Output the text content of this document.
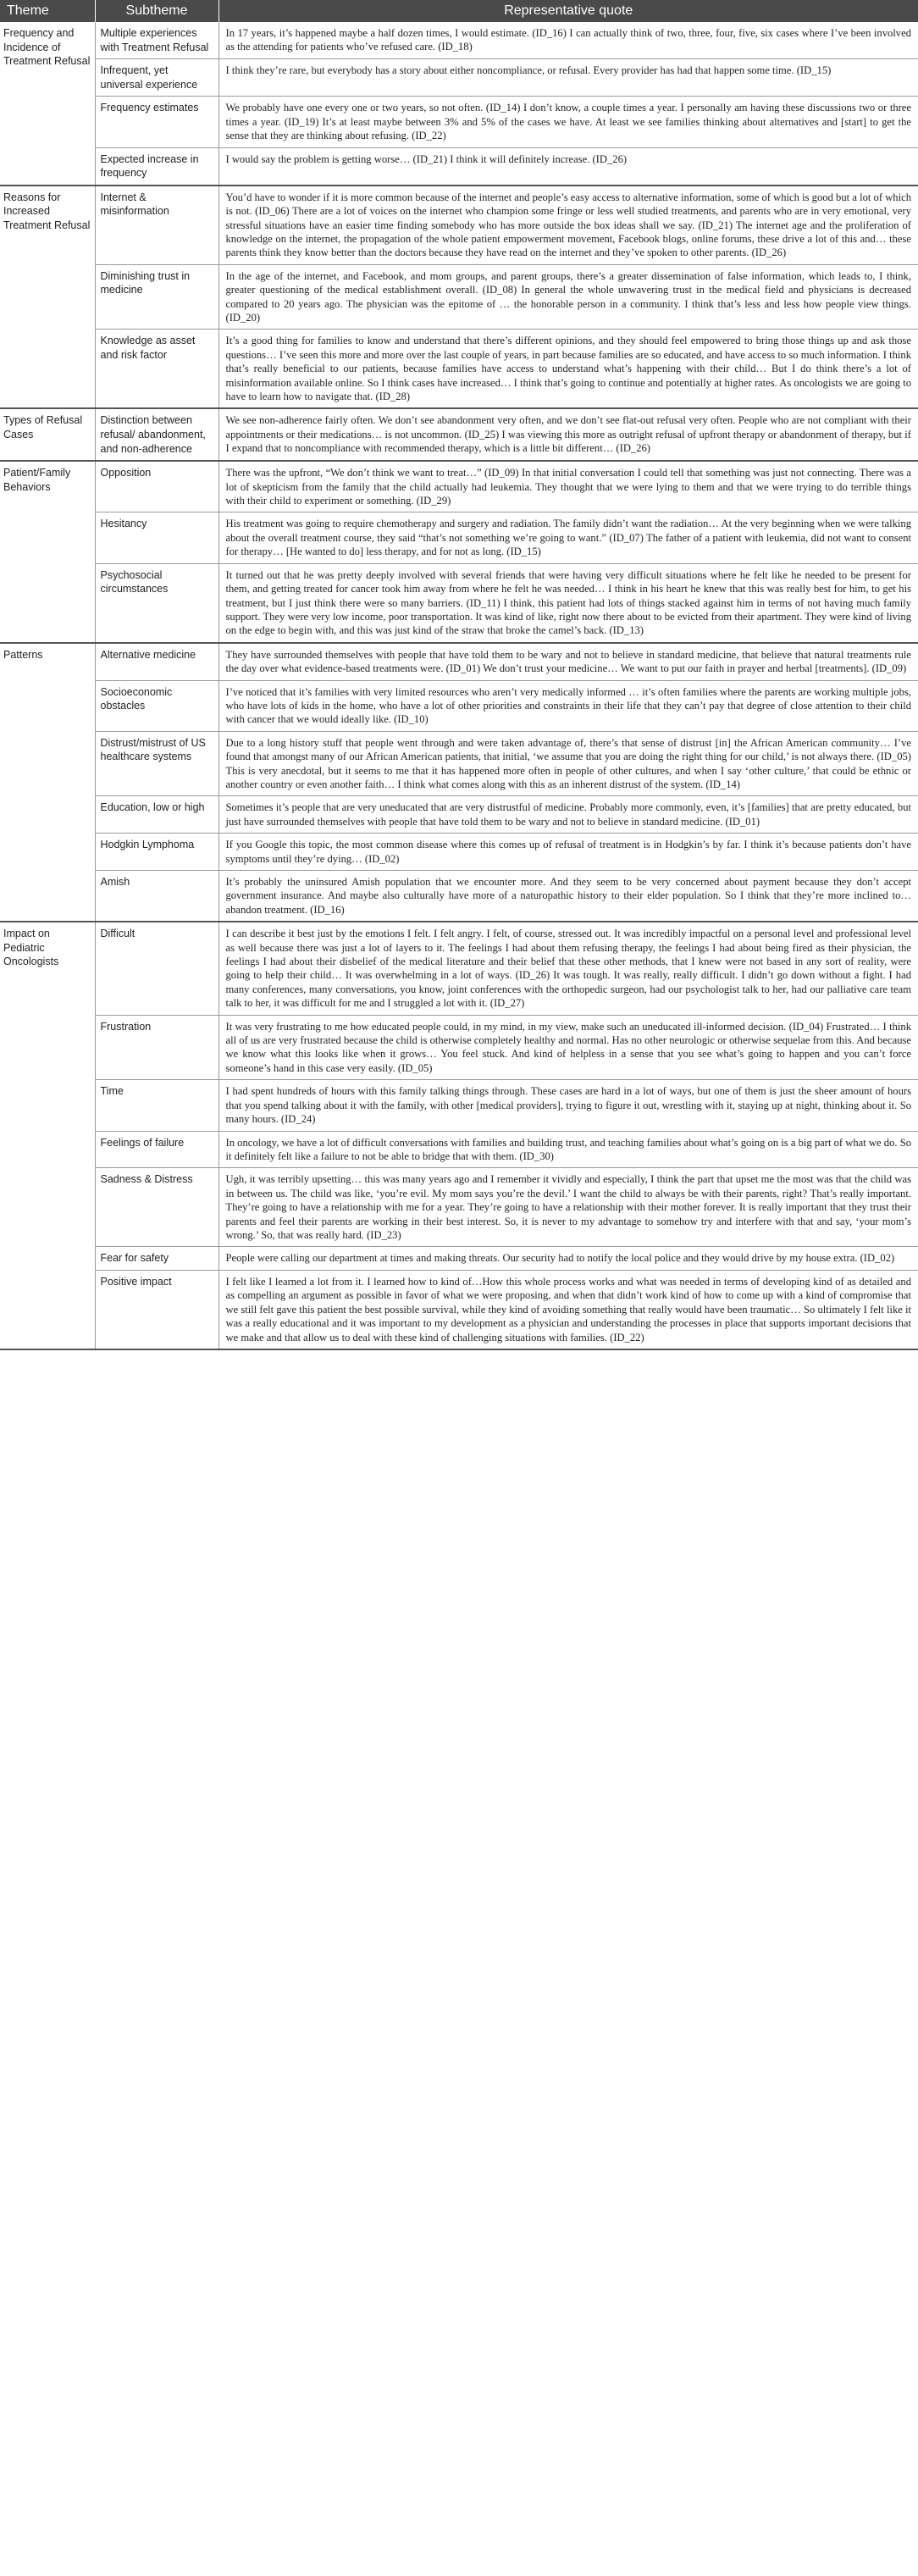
Theme	Subtheme	Representative quote
Frequency and Incidence of Treatment Refusal	Multiple experiences with Treatment Refusal	In 17 years, it’s happened maybe a half dozen times, I would estimate. (ID_16) I can actually think of two, three, four, five, six cases where I’ve been involved as the attending for patients who’ve refused care. (ID_18)
	Infrequent, yet universal experience	I think they’re rare, but everybody has a story about either noncompliance, or refusal. Every provider has had that happen some time. (ID_15)
	Frequency estimates	We probably have one every one or two years, so not often. (ID_14) I don’t know, a couple times a year. I personally am having these discussions two or three times a year. (ID_19) It’s at least maybe between 3% and 5% of the cases we have. At least we see families thinking about alternatives and [start] to get the sense that they are thinking about refusing. (ID_22)
	Expected increase in frequency	I would say the problem is getting worse… (ID_21) I think it will definitely increase. (ID_26)
Reasons for Increased Treatment Refusal	Internet & misinformation	You’d have to wonder if it is more common because of the internet and people’s easy access to alternative information, some of which is good but a lot of which is not. (ID_06) There are a lot of voices on the internet who champion some fringe or less well studied treatments, and parents who are in very emotional, very stressful situations have an easier time finding somebody who has more outside the box ideas shall we say. (ID_21) The internet age and the proliferation of knowledge on the internet, the propagation of the whole patient empowerment movement, Facebook blogs, online forums, these drive a lot of this and… these parents think they know better than the doctors because they have read on the internet and they’ve spoken to other parents. (ID_26)
	Diminishing trust in medicine	In the age of the internet, and Facebook, and mom groups, and parent groups, there’s a greater dissemination of false information, which leads to, I think, greater questioning of the medical establishment overall. (ID_08) In general the whole unwavering trust in the medical field and physicians is decreased compared to 20 years ago. The physician was the epitome of … the honorable person in a community. I think that’s less and less how people view things. (ID_20)
	Knowledge as asset and risk factor	It’s a good thing for families to know and understand that there’s different opinions, and they should feel empowered to bring those things up and ask those questions… I’ve seen this more and more over the last couple of years, in part because families are so educated, and have access to so much information. I think that’s really beneficial to our patients, because families have access to understand what’s happening with their child… But I do think there’s a lot of misinformation available online. So I think cases have increased… I think that’s going to continue and potentially at higher rates. As oncologists we are going to have to learn how to navigate that. (ID_28)
Types of Refusal Cases	Distinction between refusal/ abandonment, and non-adherence	We see non-adherence fairly often. We don’t see abandonment very often, and we don’t see flat-out refusal very often. People who are not compliant with their appointments or their medications… is not uncommon. (ID_25) I was viewing this more as outright refusal of upfront therapy or abandonment of therapy, but if I expand that to noncompliance with recommended therapy, which is a little bit different… (ID_26)
Patient/Family Behaviors	Opposition	There was the upfront, “We don’t think we want to treat…” (ID_09) In that initial conversation I could tell that something was just not connecting. There was a lot of skepticism from the family that the child actually had leukemia. They thought that we were lying to them and that we were trying to do terrible things with their child to experiment or something. (ID_29)
	Hesitancy	His treatment was going to require chemotherapy and surgery and radiation. The family didn’t want the radiation… At the very beginning when we were talking about the overall treatment course, they said “that’s not something we’re going to want.” (ID_07) The father of a patient with leukemia, did not want to consent for therapy… [He wanted to do] less therapy, and for not as long. (ID_15)
	Psychosocial circumstances	It turned out that he was pretty deeply involved with several friends that were having very difficult situations where he felt like he needed to be present for them, and getting treated for cancer took him away from where he felt he was needed… I think in his heart he knew that this was really best for him, to get his treatment, but I just think there were so many barriers. (ID_11) I think, this patient had lots of things stacked against him in terms of not having much family support. They were very low income, poor transportation. It was kind of like, right now there about to be evicted from their apartment. They were kind of living on the edge to begin with, and this was just kind of the straw that broke the camel’s back. (ID_13)
Patterns	Alternative medicine	They have surrounded themselves with people that have told them to be wary and not to believe in standard medicine, that believe that natural treatments rule the day over what evidence-based treatments were. (ID_01) We don’t trust your medicine… We want to put our faith in prayer and herbal [treatments]. (ID_09)
	Socioeconomic obstacles	I’ve noticed that it’s families with very limited resources who aren’t very medically informed … it’s often families where the parents are working multiple jobs, who have lots of kids in the home, who have a lot of other priorities and constraints in their life that they can’t pay that degree of close attention to their child with cancer that we would ideally like. (ID_10)
	Distrust/mistrust of US healthcare systems	Due to a long history stuff that people went through and were taken advantage of, there’s that sense of distrust [in] the African American community… I’ve found that amongst many of our African American patients, that initial, ‘we assume that you are doing the right thing for our child,’ is not always there. (ID_05) This is very anecdotal, but it seems to me that it has happened more often in people of other cultures, and when I say ‘other culture,’ that could be ethnic or another country or even another faith… I think what comes along with this as an inherent distrust of the system. (ID_14)
	Education, low or high	Sometimes it’s people that are very uneducated that are very distrustful of medicine. Probably more commonly, even, it’s [families] that are pretty educated, but just have surrounded themselves with people that have told them to be wary and not to believe in standard medicine. (ID_01)
	Hodgkin Lymphoma	If you Google this topic, the most common disease where this comes up of refusal of treatment is in Hodgkin’s by far. I think it’s because patients don’t have symptoms until they’re dying… (ID_02)
	Amish	It’s probably the uninsured Amish population that we encounter more. And they seem to be very concerned about payment because they don’t accept government insurance. And maybe also culturally have more of a naturopathic history to their elder population. So I think that they’re more inclined to… abandon treatment. (ID_16)
Impact on Pediatric Oncologists	Difficult	I can describe it best just by the emotions I felt. I felt angry. I felt, of course, stressed out. It was incredibly impactful on a personal level and professional level as well because there was just a lot of layers to it. The feelings I had about them refusing therapy, the feelings I had about being fired as their physician, the feelings I had about their disbelief of the medical literature and their belief that these other methods, that I knew were not based in any sort of reality, were going to help their child… It was overwhelming in a lot of ways. (ID_26) It was tough. It was really, really difficult. I didn’t go down without a fight. I had many conferences, many conversations, you know, joint conferences with the orthopedic surgeon, had our psychologist talk to her, had our palliative care team talk to her, it was difficult for me and I struggled a lot with it. (ID_27)
	Frustration	It was very frustrating to me how educated people could, in my mind, in my view, make such an uneducated ill-informed decision. (ID_04) Frustrated… I think all of us are very frustrated because the child is otherwise completely healthy and normal. Has no other neurologic or otherwise sequelae from this. And because we know what this looks like when it grows… You feel stuck. And kind of helpless in a sense that you see what’s going to happen and you can’t force someone’s hand in this case very easily. (ID_05)
	Time	I had spent hundreds of hours with this family talking things through. These cases are hard in a lot of ways, but one of them is just the sheer amount of hours that you spend talking about it with the family, with other [medical providers], trying to figure it out, wrestling with it, staying up at night, thinking about it. So many hours. (ID_24)
	Feelings of failure	In oncology, we have a lot of difficult conversations with families and building trust, and teaching families about what’s going on is a big part of what we do. So it definitely felt like a failure to not be able to bridge that with them. (ID_30)
	Sadness & Distress	Ugh, it was terribly upsetting… this was many years ago and I remember it vividly and especially, I think the part that upset me the most was that the child was in between us. The child was like, ‘you’re evil. My mom says you’re the devil.’ I want the child to always be with their parents, right? That’s really important. They’re going to have a relationship with me for a year. They’re going to have a relationship with their mother forever. It is really important that they trust their parents and feel their parents are working in their best interest. So, it is never to my advantage to somehow try and interfere with that and say, ‘your mom’s wrong.’ So, that was really hard. (ID_23)
	Fear for safety	People were calling our department at times and making threats. Our security had to notify the local police and they would drive by my house extra. (ID_02)
	Positive impact	I felt like I learned a lot from it. I learned how to kind of…How this whole process works and what was needed in terms of developing kind of as detailed and as compelling an argument as possible in favor of what we were proposing, and when that didn’t work kind of how to come up with a kind of compromise that we still felt gave this patient the best possible survival, while they kind of avoiding something that really would have been traumatic… So ultimately I felt like it was a really educational and it was important to my development as a physician and understanding the processes in place that supports important decisions that we make and that allow us to deal with these kind of challenging situations with families. (ID_22)
